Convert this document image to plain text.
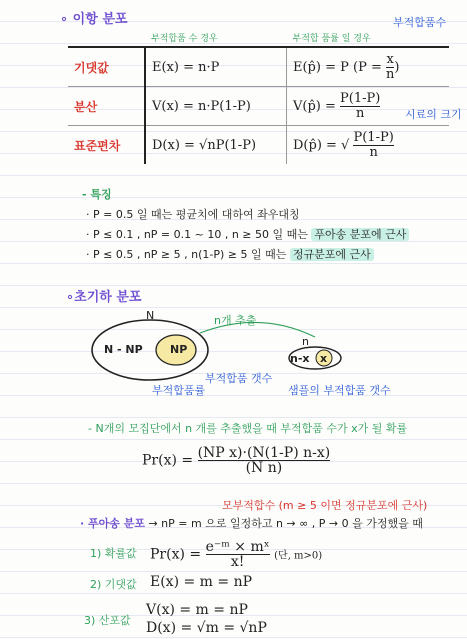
∘ 이항 분포	부적합품수
시료의 크기
	부적합품 수 경우	부적합 품률 일 경우
기댓값	E(x) = n·P	E(p̂) = P ($P = \frac{x}{n}$ )
분산	V(x) = n·P(1-P)	V(p̂) = $\frac{P(1-P)}{n}$

표준편차	D(x) = √nP(1-P)	D(p̂) = √ $\frac{P(1-P)}{n}$
- 특징
· P = 0.5 일 때는 평균치에 대하여 좌우대칭
· P ≤ 0.1 , nP = 0.1 ~ 10 , n ≥ 50 일 때는 푸아송 분포에 근사
· P ≤ 0.5 , nP ≥ 5 , n(1-P) ≥ 5 일 때는 정규분포에 근사
∘초기하 분포
N
N - NP NP
n개 추출
n
n-x x
부적합품 갯수
부적합품률	샘플의 부적합품 갯수
- N개의 모집단에서 n 개를 추출했을 때 부적합품 수가 x가 될 확률
$Pr(x) = \frac{\text{(NP x)·(N(1-P) n-x)}}{\text{(N n)}}$
모부적합수 (m ≥ 5 이면 정규분포에 근사)
· 푸아송 분포 → nP = m 으로 일정하고 n → ∞ , P → 0 을 가정했을 때
1) 확률값 $Pr(x) = \frac{\text{e⁻ᵐ × mˣ}}{x!}$ (단, m>0)
2) 기댓값 E(x) = m = nP
3) 산포값
V(x) = m = nP
D(x) = √m = √nP
